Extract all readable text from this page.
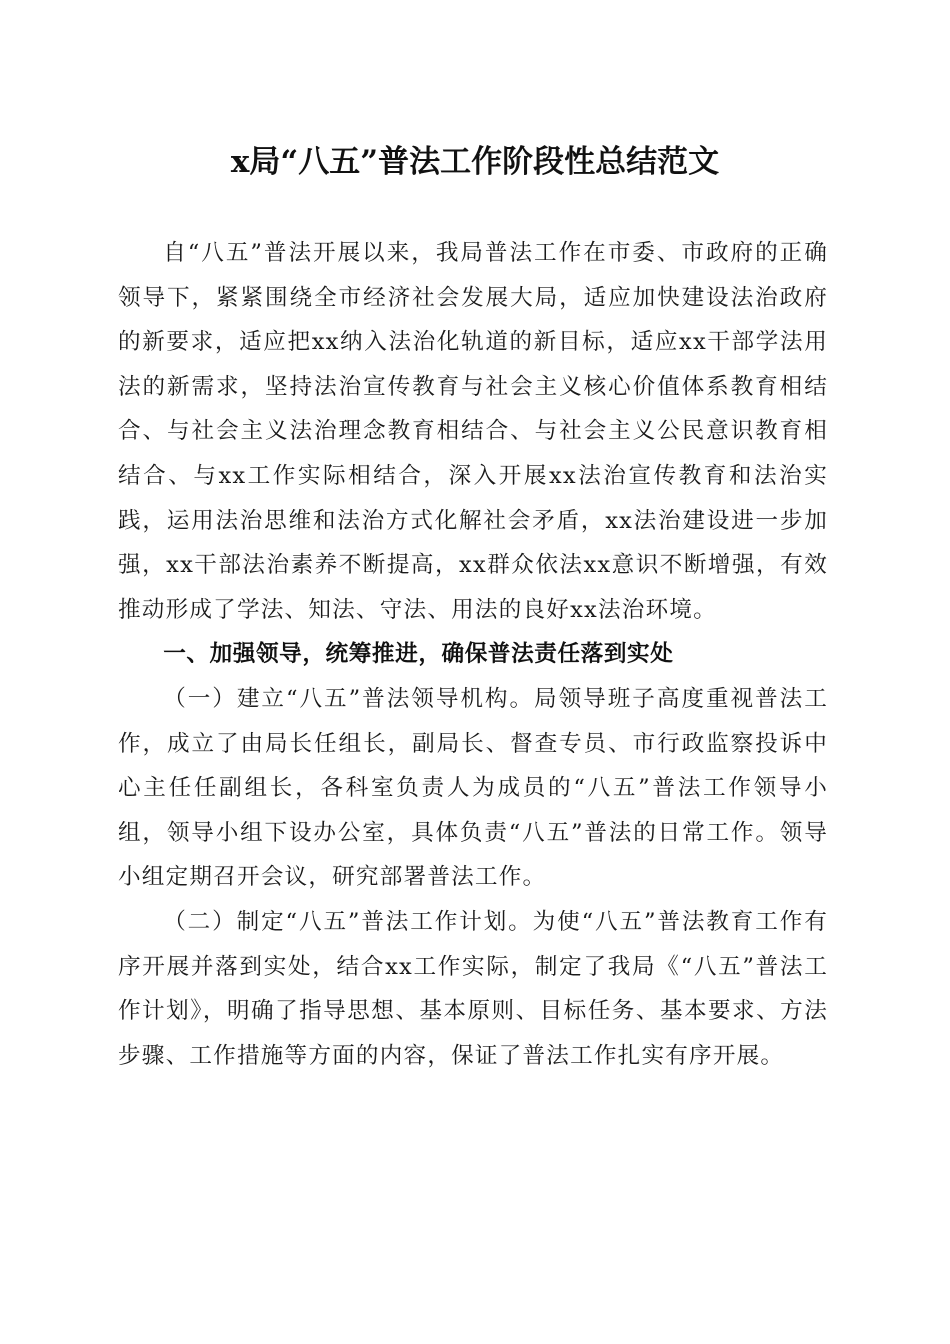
x局“八五”普法工作阶段性总结范文

自“八五”普法开展以来，我局普法工作在市委、市政府的正确领导下，紧紧围绕全市经济社会发展大局，适应加快建设法治政府的新要求，适应把xx纳入法治化轨道的新目标，适应xx干部学法用法的新需求，坚持法治宣传教育与社会主义核心价值体系教育相结合、与社会主义法治理念教育相结合、与社会主义公民意识教育相结合、与xx工作实际相结合，深入开展xx法治宣传教育和法治实践，运用法治思维和法治方式化解社会矛盾，xx法治建设进一步加强，xx干部法治素养不断提高，xx群众依法xx意识不断增强，有效推动形成了学法、知法、守法、用法的良好xx法治环境。

一、加强领导，统筹推进，确保普法责任落到实处

（一）建立“八五”普法领导机构。局领导班子高度重视普法工作，成立了由局长任组长，副局长、督查专员、市行政监察投诉中心主任任副组长，各科室负责人为成员的“八五”普法工作领导小组，领导小组下设办公室，具体负责“八五”普法的日常工作。领导小组定期召开会议，研究部署普法工作。

（二）制定“八五”普法工作计划。为使“八五”普法教育工作有序开展并落到实处，结合xx工作实际，制定了我局《“八五”普法工作计划》，明确了指导思想、基本原则、目标任务、基本要求、方法步骤、工作措施等方面的内容，保证了普法工作扎实有序开展。
